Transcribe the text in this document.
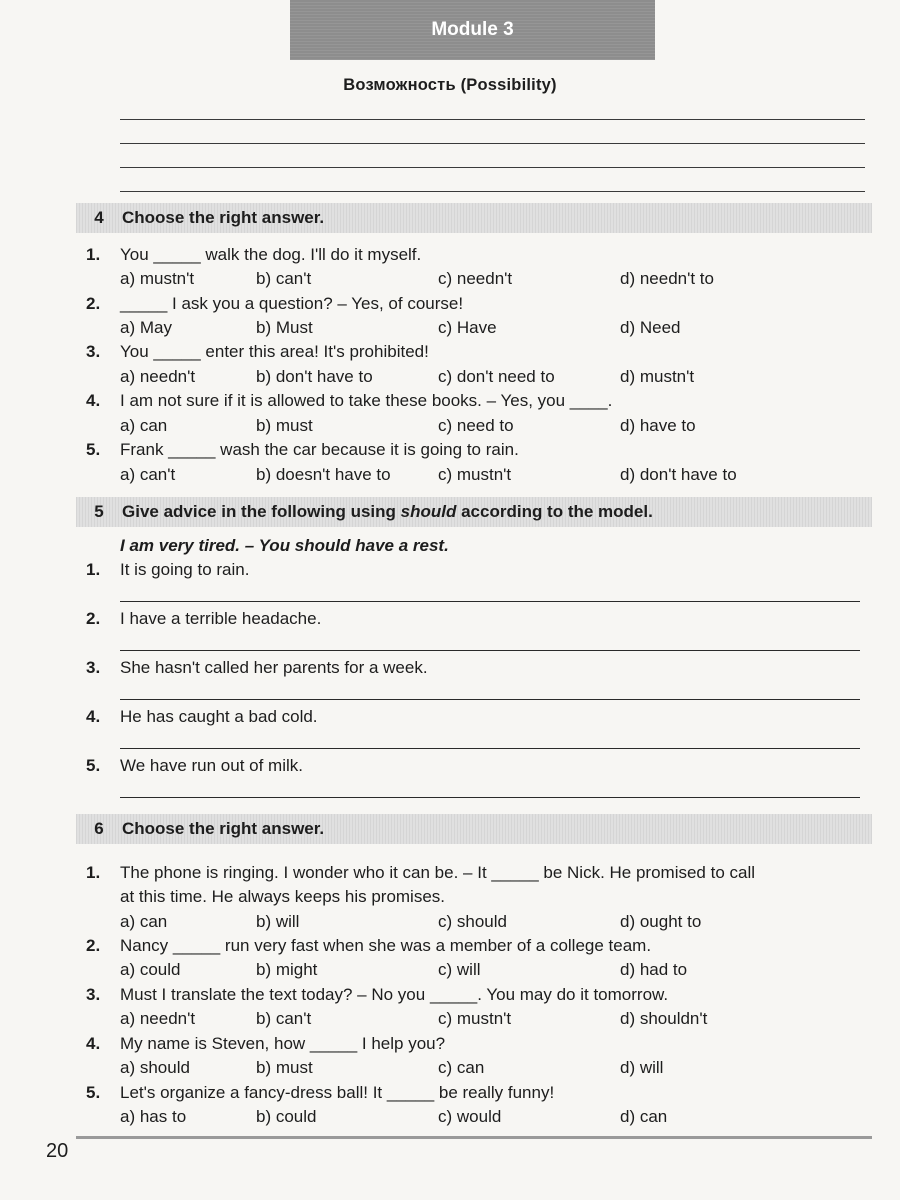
Module 3
Возможность (Possibility)
4	Choose the right answer.
1. You _____ walk the dog. I'll do it myself.
a) mustn't	b) can't	c) needn't	d) needn't to
2. _____ I ask you a question? – Yes, of course!
a) May	b) Must	c) Have	d) Need
3. You _____ enter this area! It's prohibited!
a) needn't	b) don't have to	c) don't need to	d) mustn't
4. I am not sure if it is allowed to take these books. – Yes, you ____.
a) can	b) must	c) need to	d) have to
5. Frank _____ wash the car because it is going to rain.
a) can't	b) doesn't have to	c) mustn't	d) don't have to
5	Give advice in the following using should according to the model.
I am very tired. – You should have a rest.
1. It is going to rain.
2. I have a terrible headache.
3. She hasn't called her parents for a week.
4. He has caught a bad cold.
5. We have run out of milk.
6	Choose the right answer.
1. The phone is ringing. I wonder who it can be. – It _____ be Nick. He promised to call
at this time. He always keeps his promises.
a) can	b) will	c) should	d) ought to
2. Nancy _____ run very fast when she was a member of a college team.
a) could	b) might	c) will	d) had to
3. Must I translate the text today? – No you _____. You may do it tomorrow.
a) needn't	b) can't	c) mustn't	d) shouldn't
4. My name is Steven, how _____ I help you?
a) should	b) must	c) can	d) will
5. Let's organize a fancy-dress ball! It _____ be really funny!
a) has to	b) could	c) would	d) can
20
